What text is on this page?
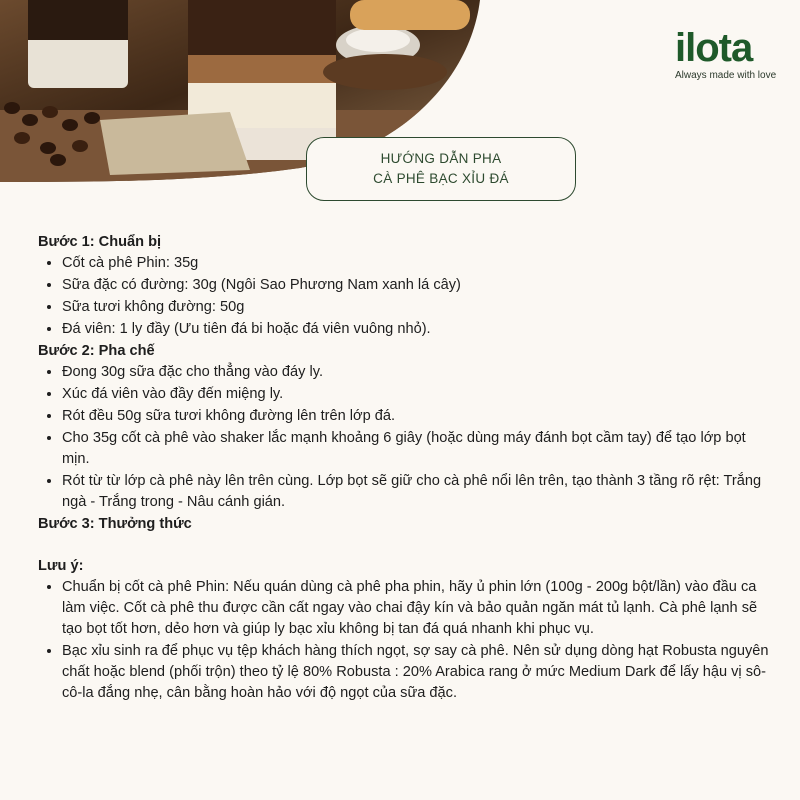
ilota
Always made with love
HƯỚNG DẪN PHA
CÀ PHÊ BẠC XỈU ĐÁ

Bước 1: Chuẩn bị

• Cốt cà phê Phin: 35g
• Sữa đặc có đường: 30g (Ngôi Sao Phương Nam xanh lá cây)
• Sữa tươi không đường: 50g
• Đá viên: 1 ly đầy (Ưu tiên đá bi hoặc đá viên vuông nhỏ).

Bước 2: Pha chế

• Đong 30g sữa đặc cho thẳng vào đáy ly.
• Xúc đá viên vào đầy đến miệng ly.
• Rót đều 50g sữa tươi không đường lên trên lớp đá.
• Cho 35g cốt cà phê vào shaker lắc mạnh khoảng 6 giây (hoặc dùng máy đánh bọt cầm tay) để tạo lớp bọt mịn.
• Rót từ từ lớp cà phê này lên trên cùng. Lớp bọt sẽ giữ cho cà phê nổi lên trên, tạo thành 3 tầng rõ rệt: Trắng ngà - Trắng trong - Nâu cánh gián.

Bước 3: Thưởng thức

Lưu ý:

• Chuẩn bị cốt cà phê Phin: Nếu quán dùng cà phê pha phin, hãy ủ phin lớn (100g - 200g bột/lần) vào đầu ca làm việc. Cốt cà phê thu được cần cất ngay vào chai đậy kín và bảo quản ngăn mát tủ lạnh. Cà phê lạnh sẽ tạo bọt tốt hơn, dẻo hơn và giúp ly bạc xỉu không bị tan đá quá nhanh khi phục vụ.
• Bạc xỉu sinh ra để phục vụ tệp khách hàng thích ngọt, sợ say cà phê. Nên sử dụng dòng hạt Robusta nguyên chất hoặc blend (phối trộn) theo tỷ lệ 80% Robusta : 20% Arabica rang ở mức Medium Dark để lấy hậu vị sô-cô-la đắng nhẹ, cân bằng hoàn hảo với độ ngọt của sữa đặc.
